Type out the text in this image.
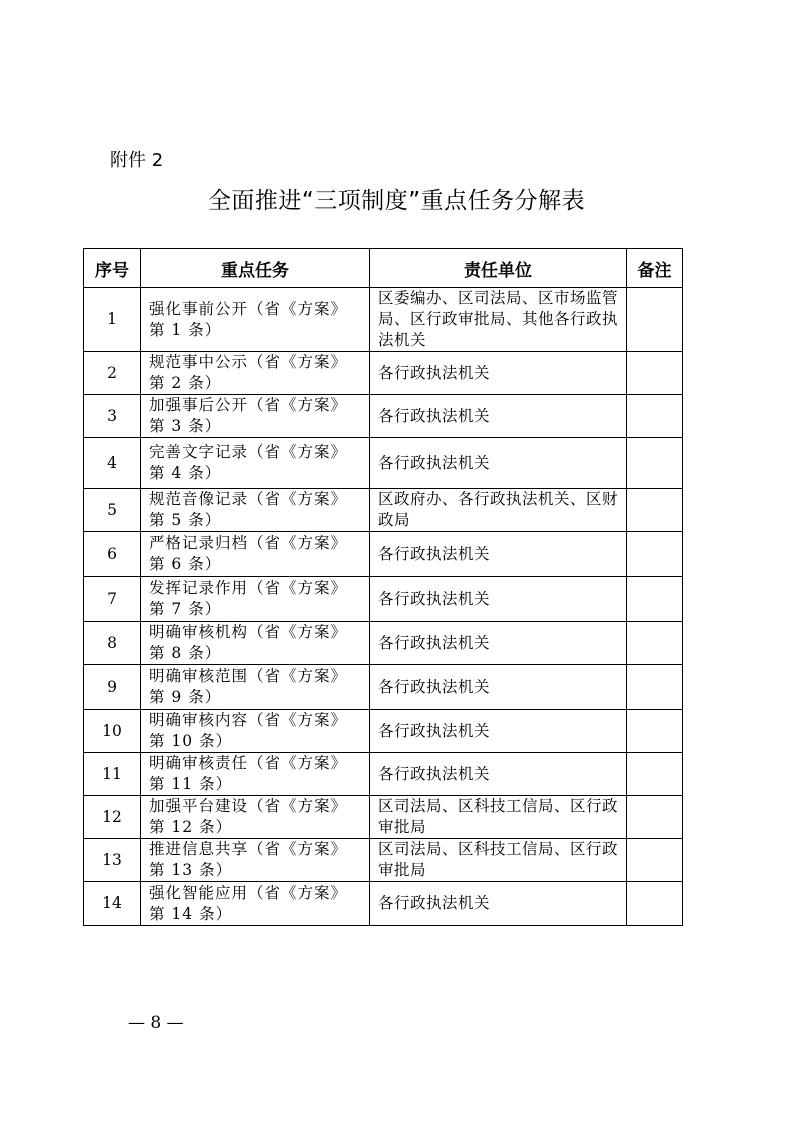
附件 2
全面推进“三项制度”重点任务分解表
序号	重点任务	责任单位	备注
1	强化事前公开（省《方案》第 1 条）	区委编办、区司法局、区市场监管局、区行政审批局、其他各行政执法机关	
2	规范事中公示（省《方案》第 2 条）	各行政执法机关	
3	加强事后公开（省《方案》第 3 条）	各行政执法机关	
4	完善文字记录（省《方案》第 4 条）	各行政执法机关	
5	规范音像记录（省《方案》第 5 条）	区政府办、各行政执法机关、区财政局	
6	严格记录归档（省《方案》第 6 条）	各行政执法机关	
7	发挥记录作用（省《方案》第 7 条）	各行政执法机关	
8	明确审核机构（省《方案》第 8 条）	各行政执法机关	
9	明确审核范围（省《方案》第 9 条）	各行政执法机关	
10	明确审核内容（省《方案》第 10 条）	各行政执法机关	
11	明确审核责任（省《方案》第 11 条）	各行政执法机关	
12	加强平台建设（省《方案》第 12 条）	区司法局、区科技工信局、区行政审批局	
13	推进信息共享（省《方案》第 13 条）	区司法局、区科技工信局、区行政审批局	
14	强化智能应用（省《方案》第 14 条）	各行政执法机关	
— 8 —
